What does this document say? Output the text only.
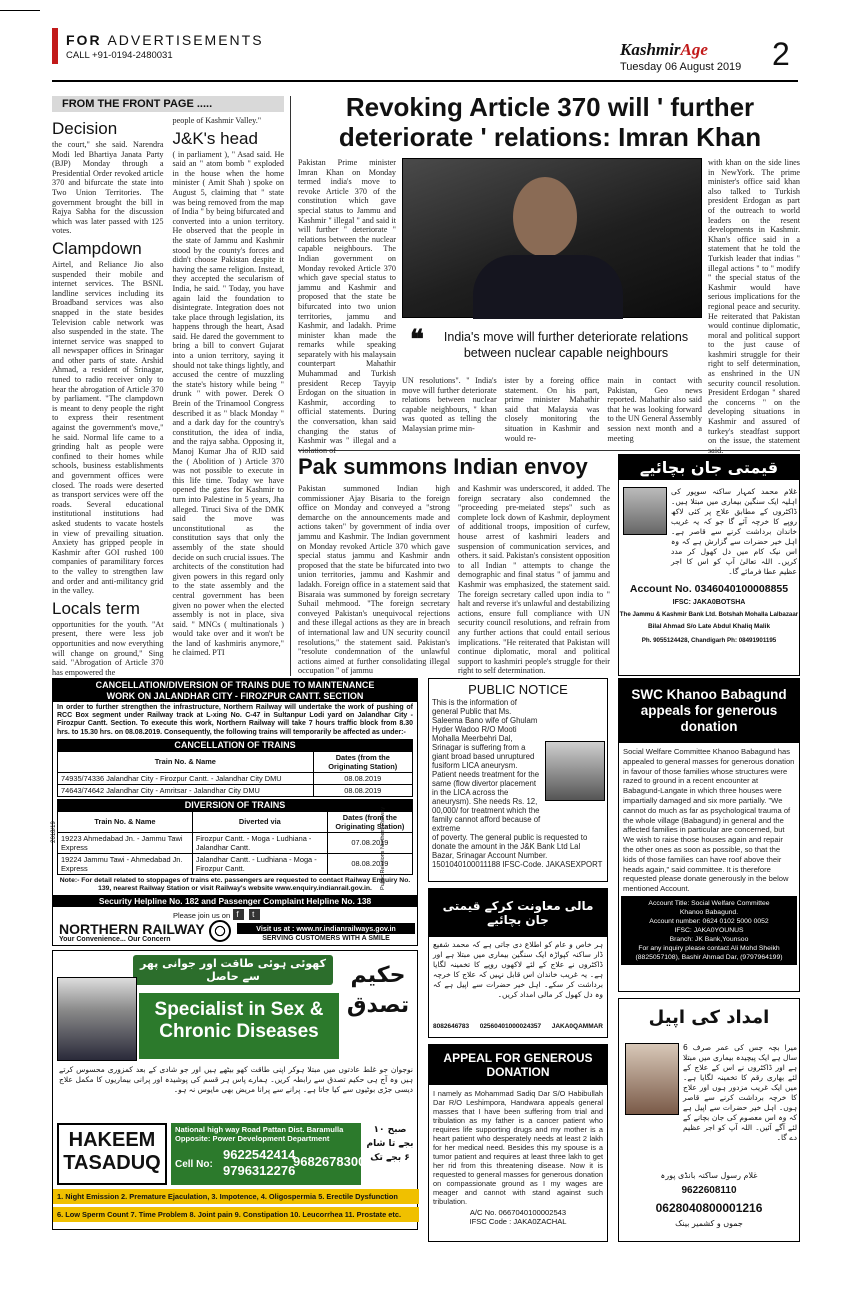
FOR ADVERTISEMENTS
CALL +91-0194-2480031	KashmirAge
Tuesday 06 August 2019 2
FROM THE FRONT PAGE .....
Decision
the court," she said. Narendra Modi led Bhartiya Janata Party (BJP) Monday through a Presidential Order revoked article 370 and bifurcate the state into Two Union Territories. The government brought the bill in Rajya Sabha for the discussion which was later passed with 125 votes.
Clampdown
Airtel, and Reliance Jio also suspended their mobile and internet services. The BSNL landline services including its Broadband services was also snapped in the state besides Television cable network was also suspended in the state. The internet service was snapped to all newspaper offices in Srinagar and other parts of state. Arshid Ahmad, a resident of Srinagar, tuned to radio receiver only to hear the abrogation of Article 370 by parliament. "The clampdown is meant to deny people the right to express their resentment against the government's move," he said. Normal life came to a grinding halt as people were confined to their homes while schools, business establishments and government offices were closed. The roads were deserted as transport services were off the roads. Several educational institutional institutions had asked students to vacate hostels in view of prevailing situation. Anxiety has gripped people in Kashmir after GOI rushed 100 companies of paramilitary forces to the valley to strengthen law and order and anti-militancy grid in the valley.
Locals term
opportunities for the youth. "At present, there were less job opportunities and now everything will change on ground," Sing said. "Abrogation of Article 370 has empowered the
people of Kashmir Valley."
J&K's head
( in parliament ), " Asad said. He said an " atom bomb " exploded in the house when the home minister ( Amit Shah ) spoke on August 5, claiming that " state was being removed from the map of India " by being bifurcated and converted into a union territory. He observed that the people in the state of Jammu and Kashmir stood by the county's forces and didn't choose Pakistan despite it having the same religion. Instead, they accepted the secularism of India, he said. " Today, you have again laid the foundation to disintegrate. Integration does not take place through legislation, its happens through the heart, Asad said. He dared the government to bring a bill to convert Gujarat into a union territory, saying it should not take things lightly, and accused the centre of muzzling the state's history while being " drunk " with power. Derek O Brein of the Trinamool Congress described it as " black Monday " and a dark day for the country's constitution, the idea of india, and the rajya sabha. Opposing it, Manoj Kumar Jha of RJD said the ( Abolition of ) Article 370 was not possible to execute in this life time. Today we have opened the gates for Kashmir to turn into Palestine in 5 years, Jha alleged. Tiruci Siva of the DMK said the move was unconstitutional as the constitution says that only the assembly of the state should decide on such crucial issues. The architects of the constitution had given powers in this regard only to the state assembly and the central government has been given no power when the elected assembly is not in place, siva said. " MNCs ( multinationals ) would take over and it won't be the land of kashmiris anymore," he claimed. PTI
Revoking Article 370 will ' further deteriorate ' relations: Imran Khan
Pakistan Prime minister Imran Khan on Monday termed india's move to revoke Article 370 of the constitution which gave special status to Jammu and Kashmir " illegal " and said it will further " deteriorate " relations between the nuclear capable neighbours. The Indian government on Monday revoked Article 370 which gave special status to jammu and Kashmir and proposed that the state be bifurcated into two union territories, jammu and Kashmir, and ladakh. Prime minister khan made the remarks while speaking separately with his malaysain counterpart Mahathir Muhammad and Turkish president Recep Tayyip Erdogan on the situation in Kashmir, according to official statements. During the conversation, khan said changing the status of Kashmir was " illegal and a violation of
❝	India's move will further deteriorate relations between nuclear capable neighbours
with khan on the side lines in NewYork. The prime minister's office said khan also talked to Turkish president Erdogan as part of the outreach to world leaders on the resent developments in Kashmir. Khan's office said in a statement that he told the Turkish leader that indias " illegal actions " to " modify " the special status of the Kashmir would have serious implications for the regional peace and security. He reiterated that Pakistan would continue diplomatic, moral and political support to the just cause of kashmiri struggle for their right to self determination, as enshrined in the UN security council resolution. President Erdogan " shared the concerns " on the developing situations in Kashmir and assured of turkey's steadfast support on the issue, the statement said.
UN resolutions". " India's move will further deteriorate relations between nuclear capable neighbours, " khan was quoted as telling the Malaysian prime min-
ister by a foreing office statement. On his part, prime minister Mahathir said that Malaysia was closely monitoring the situation in Kashmir and would re-
main in contact with Pakistan, Geo news reported. Mahathir also said that he was looking forward to the UN General Assembly session next month and a meeting
Pak summons Indian envoy
Pakistan summoned Indian high commissioner Ajay Bisaria to the foreign office on Monday and conveyed a "strong demarche on the announcements made and actions taken" by government of india over jammu and Kashmir. The Indian government on Monday revoked Article 370 which gave special status jammu and Kashmir andn proposed that the state be bifurcated into two union territories, jammu and Kashmir and ladakh. Foreign office in a statement said that Bisaraia was summoned by foreign secretary Suhail mehmood. "The foreign secretary conveyed Pakistan's unequivocal rejections and these illegal actions as they are in breach of international law and UN security council resolutions," the statement said. Pakistan's "resolute condemnation of the unlawful actions aimed at further consolidating illegal occupation " of jammu
and Kashmir was underscored, it added. The foreign secratary also condemned the "proceeding pre-meiated steps" such as complete lock down of Kashmir, deployment of additional troops, imposition of curfew, house arrest of kashmiri leaders and suspension of communication services, and others. it said. Pakistan's consistent opposition to all Indian " attempts to change the demographic and final status " of jammu and Kashmir was emphasized, the statement said. The foreign secretary called upon india to " halt and reverse it's unlawful and destabilizing actions, ensure full compliance with UN security council resolutions, and refrain from any further actions that could entail serious implications. "He reiterated that Pakistan will continue diplomatic, moral and political support to kashmiri people's struggle for their right to self determination.
قیمتی جان بچائیے
غلام محمد کمہار ساکنہ سوپور کی اہلیہ ایک سنگین بیماری میں مبتلا ہیں۔ ڈاکٹروں کے مطابق علاج پر کئی لاکھ روپے کا خرچہ آئے گا جو کہ یہ غریب خاندان برداشت کرنے سے قاصر ہے۔ اہل خیر حضرات سے گزارش ہے کہ وہ اس نیک کام میں دل کھول کر مدد کریں۔ اللہ تعالیٰ آپ کو اس کا اجر عظیم عطا فرمائے گا۔
Account No. 0346040100008855
IFSC: JAKA0BOTSHA
The Jammu & Kashmir Bank Ltd. Botshah Mohalla Lalbazaar
Bilal Ahmad S/o Late Abdul Khaliq Malik
Ph. 9055124428, Chandigarh Ph: 08491901195
CANCELLATION/DIVERSION OF TRAINS DUE TO MAINTENANCE
WORK ON JALANDHAR CITY - FIROZPUR CANTT. SECTION
In order to further strengthen the infrastructure, Northern Railway will undertake the work of pushing of RCC Box segment under Railway track at L-xing No. C-47 in Sultanpur Lodi yard on Jalandhar City - Firozpur Cantt. Section. To execute this work, Northern Railway will take 7 hours traffic block from 8.30 hrs. to 15.30 hrs. on 08.08.2019. Consequently, the following trains will temporarily be affected as under:-
CANCELLATION OF TRAINS
Train No. & Name	Dates (from the Originating Station)
74935/74336 Jalandhar City - Firozpur Cantt. - Jalandhar City DMU	08.08.2019
74643/74642 Jalandhar City - Amritsar - Jalandhar City DMU	08.08.2019
DIVERSION OF TRAINS
Train No. & Name	Diverted via	Dates (from the Originating Station)
19223 Ahmedabad Jn. - Jammu Tawi Express	Firozpur Cantt. - Moga - Ludhiana - Jalandhar Cantt.	07.08.2019
19224 Jammu Tawi - Ahmedabad Jn. Express	Jalandhar Cantt. - Ludhiana - Moga - Firozpur Cantt.	08.08.2019
Note:- For detail related to stoppages of trains etc. passengers are requested to contact Railway Enquiry No. 139, nearest Railway Station or visit Railway's website www.enquiry.indianrail.gov.in.
Security Helpline No. 182 and Passenger Complaint Helpline No. 138
Please join us on f t
NORTHERN RAILWAY
Your Convenience... Our Concern
Visit us at : www.nr.indianrailways.gov.in
SERVING CUSTOMERS WITH A SMILE
2018/19	Public Relations Northern Railway
PUBLIC NOTICE
This is the information of general Public that Ms. Saleema Bano wife of Ghulam Hyder Wadoo R/O Mooti Mohalla Meerbehri Dal, Srinagar is suffering from a giant broad based unruptured fusiform LICA aneurysm. Patient needs treatment for the same (flow divertor placement in the LICA across the aneurysm). She needs Rs. 12, 00,000/ for treatment which the family cannot afford because of extreme
of poverty. The general public is requested to donate the amount in the J&K Bank Ltd Lal Bazar, Srinagar Account Number. 1501040100011188 IFSC-Code. JAKASEXPORT
SWC Khanoo Babagund appeals for generous donation
Social Welfare Committee Khanoo Babagund has appealed to general masses for generous donation in favour of those families whose structures were razed to ground in a recent encounter at Babagund-Langate in which three houses were impartially damaged and six more partially. "We cannot do much as far as psychological trauma of the whole village (Babagund) in general and the affected families in particular are concerned, but We wish to raise those houses again and repair the other ones as soon as possible, so that the kids of those families can have roof above their heads again," said committee. It is therefore requested please donate generously in the below mentioned Account.
Account Title: Social Welfare Committee
Khanoo Babagund.
Account number: 0624 0102 5000 0052
IFSC: JAKA0YOUNUS
Branch: JK Bank,Younsoo
For any inquiry please contact Ali Mohd Sheikh (8825057108), Bashir Ahmad Dar, (9797964199)
مالی معاونت کرکے قیمتی جان بچائیے
ہر خاص و عام کو اطلاع دی جاتی ہے کہ محمد شفیع ڈار ساکنہ کپواڑہ ایک سنگین بیماری میں مبتلا ہے اور ڈاکٹروں نے علاج کے لئے لاکھوں روپے کا تخمینہ لگایا ہے۔ یہ غریب خاندان اس قابل نہیں کہ علاج کا خرچہ برداشت کر سکے۔ اہل خیر حضرات سے اپیل ہے کہ وہ دل کھول کر مالی امداد کریں۔
8082646783 02560401000024357 JAKA0QAMMAR
کھوئی ہوئی طاقت اور جوانی پھر سے حاصل	حکیم تصدق
Specialist in Sex &
Chronic Diseases
نوجوان جو غلط عادتوں میں مبتلا ہوکر اپنی طاقت کھو بیٹھے ہیں اور جو شادی کے بعد کمزوری محسوس کرتے ہیں وہ آج ہی حکیم تصدق سے رابطہ کریں۔ ہمارے پاس ہر قسم کی پوشیدہ اور پرانی بیماریوں کا مکمل علاج دیسی جڑی بوٹیوں سے کیا جاتا ہے۔ پرانے سے پرانا مریض بھی مایوس نہ ہو۔
HAKEEM
TASADUQ
National high way Road Pattan Dist. Baramulla
Opposite: Power Development Department
Cell No:
9622542414
9796312276
9682678300
صبح ۱۰ بجے تا شام ۶ بجے تک
1. Night Emission 2. Premature Ejaculation, 3. Impotence, 4. Oligospermia 5. Erectile Dysfunction
6. Low Sperm Count 7. Time Problem 8. Joint pain 9. Constipation 10. Leucorrhea 11. Prostate etc.
APPEAL FOR GENEROUS
DONATION
I namely as Mohammad Sadiq Dar S/O Habibullah Dar R/O Leshimpora, Handwara appeals general masses that I have been suffering from trial and tribulation as my father is a cancer patient who requires life supporting drugs and my mother is a heart patient who desperately needs at least 2 lakh for her medical need. Besides this my spouse is a tumor patient and requires at least three lakh to get her rid from this threatening disease. Now it is requested to general masses for generous donation on compassionate ground as I my wages are meager and cannot with stand against such tribulation.
A/C No. 0667040100002543
IFSC Code : JAKA0ZACHAL
امداد کی اپیل
میرا بچہ جس کی عمر صرف 6 سال ہے ایک پیچیدہ بیماری میں مبتلا ہے اور ڈاکٹروں نے اس کے علاج کے لئے بھاری رقم کا تخمینہ لگایا ہے۔ میں ایک غریب مزدور ہوں اور علاج کا خرچہ برداشت کرنے سے قاصر ہوں۔ اہل خیر حضرات سے اپیل ہے کہ وہ اس معصوم کی جان بچانے کے لئے آگے آئیں۔ اللہ آپ کو اجر عظیم دے گا۔
غلام رسول ساکنہ بانڈی پورہ
9622608110
0628040800001216
جموں و کشمیر بینک
